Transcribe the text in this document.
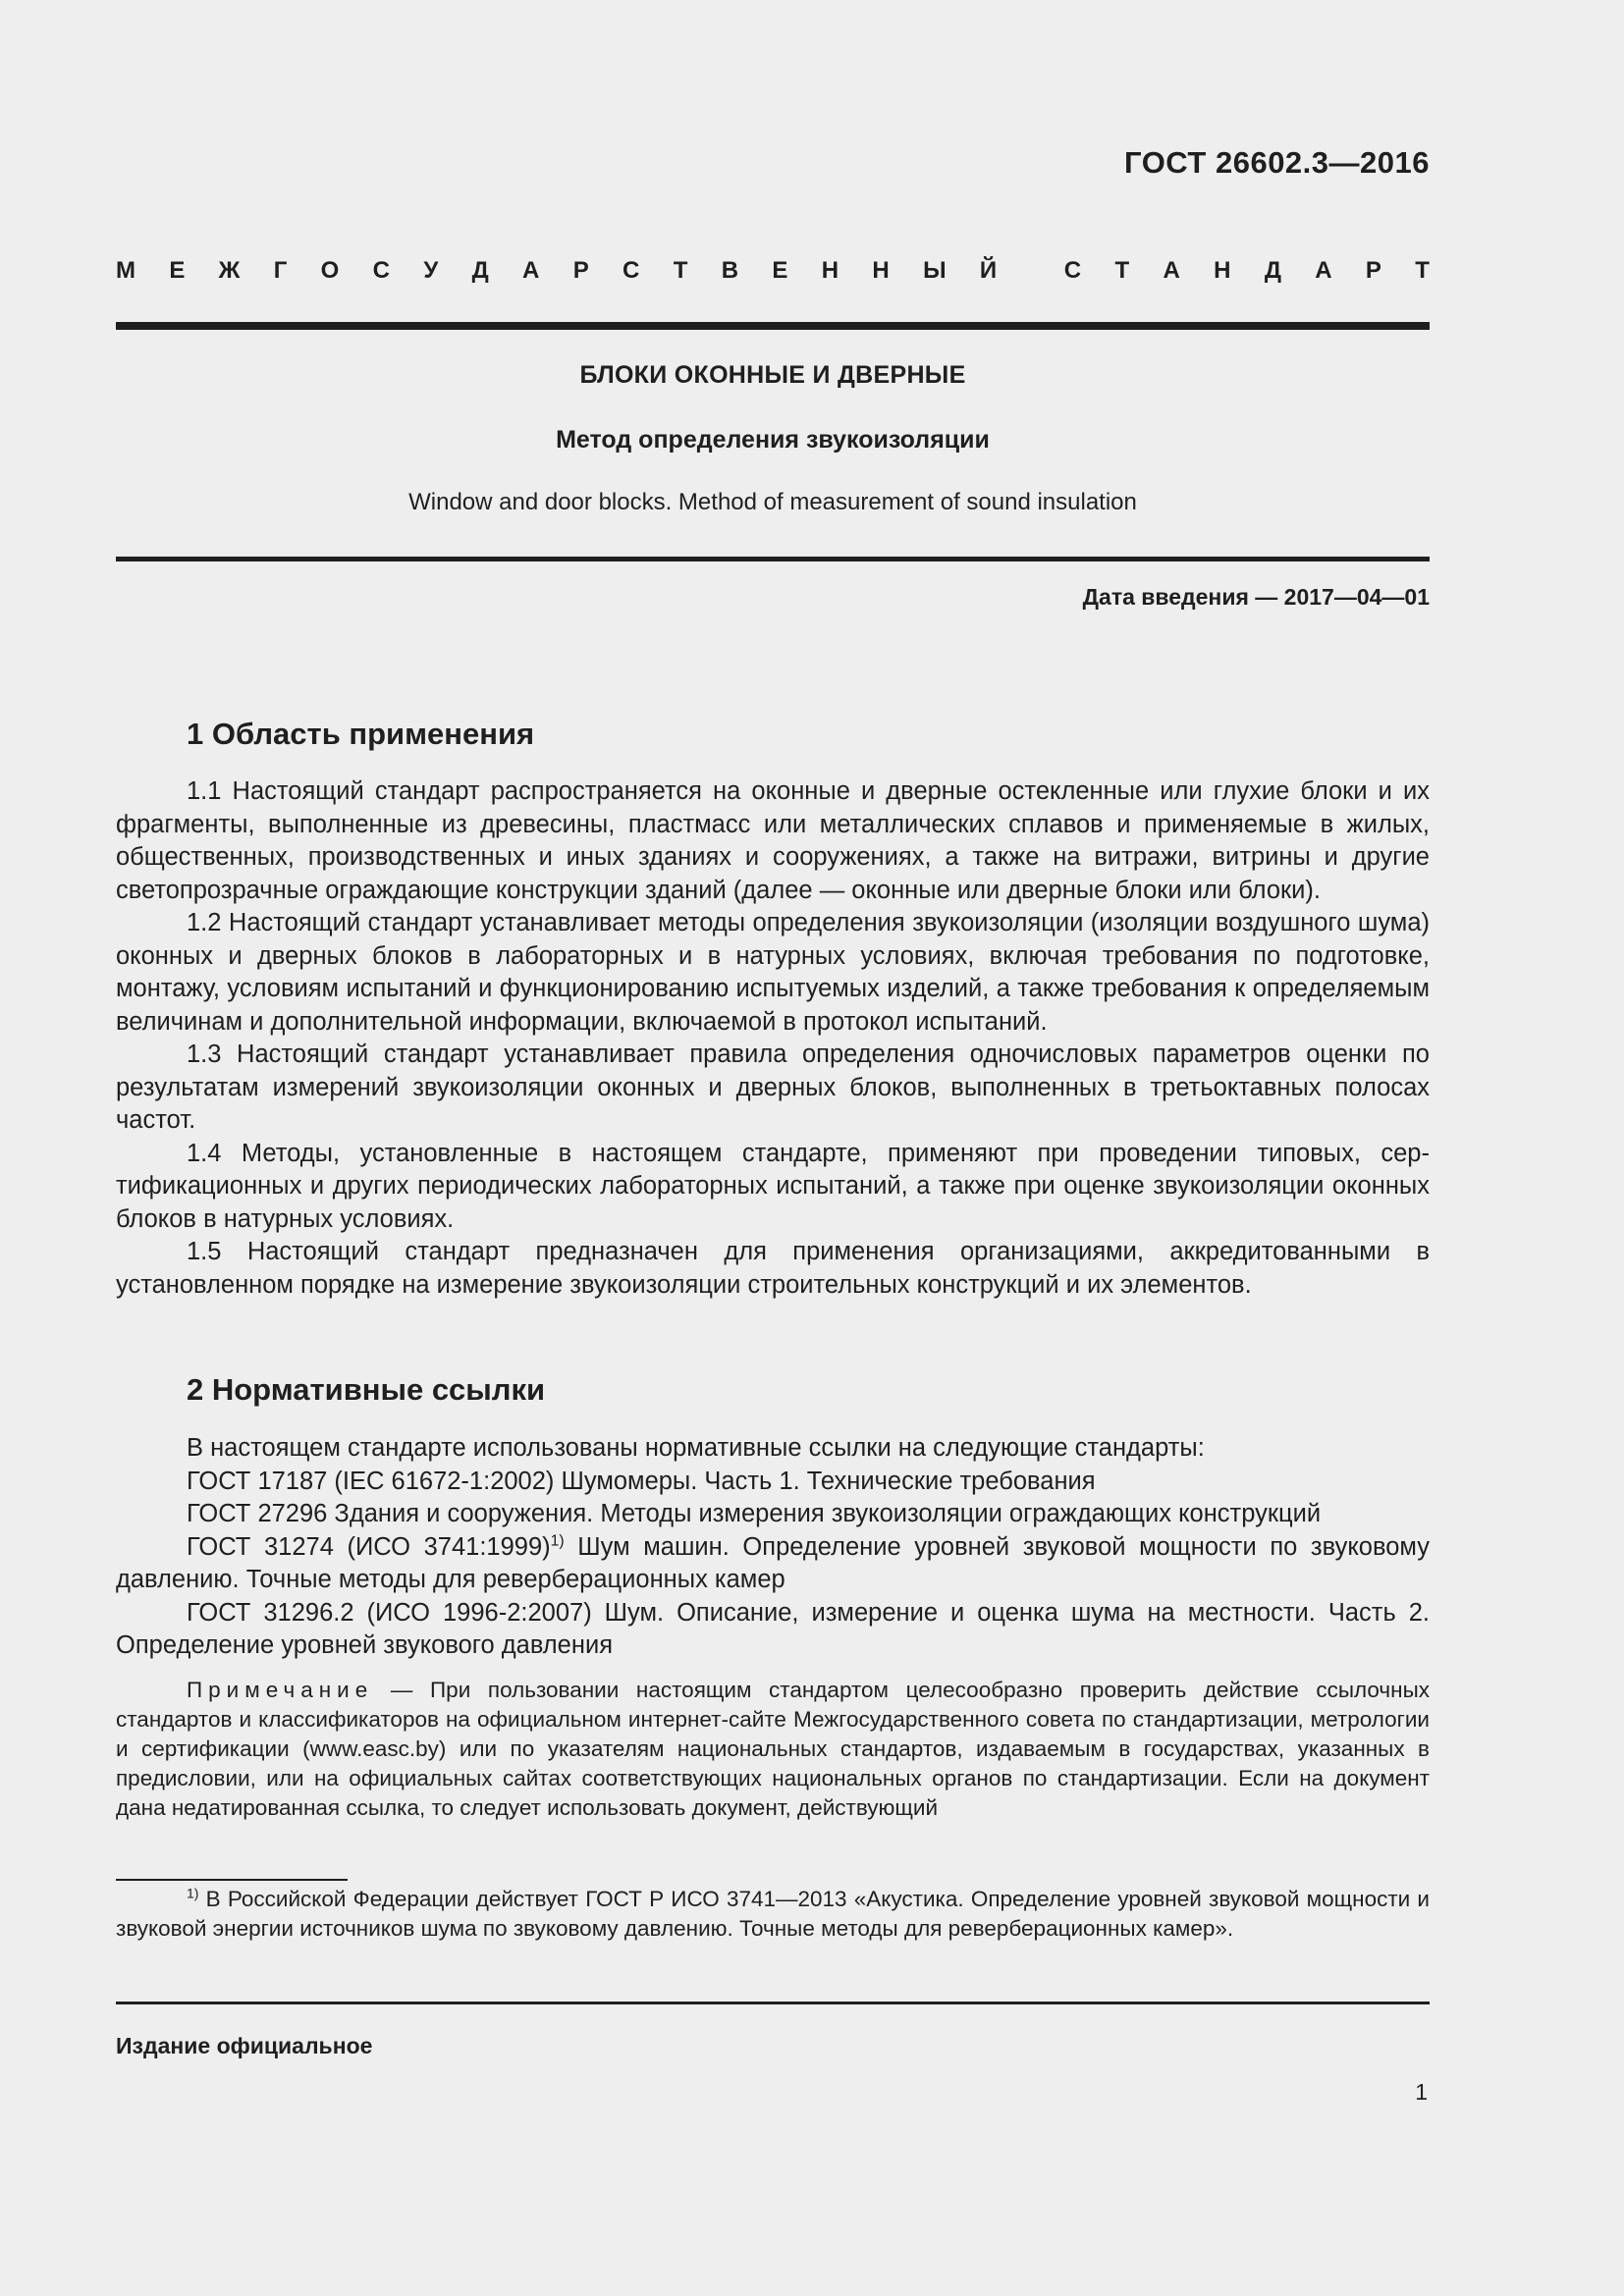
ГОСТ 26602.3—2016
М Е Ж Г О С У Д А Р С Т В Е Н Н Ы Й	С Т А Н Д А Р Т
БЛОКИ ОКОННЫЕ И ДВЕРНЫЕ
Метод определения звукоизоляции
Window and door blocks. Method of measurement of sound insulation
Дата введения — 2017—04—01
1 Область применения

1.1 Настоящий стандарт распространяется на оконные и дверные остекленные или глухие блоки и их фрагменты, выполненные из древесины, пластмасс или металлических сплавов и применяемые в жилых, общественных, производственных и иных зданиях и сооружениях, а также на витражи, витрины и другие светопрозрачные ограждающие конструкции зданий (далее — оконные или дверные блоки или блоки).

1.2 Настоящий стандарт устанавливает методы определения звукоизоляции (изоляции воздушного шума) оконных и дверных блоков в лабораторных и в натурных условиях, включая требования по подготовке, монтажу, условиям испытаний и функционированию испытуемых изделий, а также требования к определяемым величинам и дополнительной информации, включаемой в протокол испытаний.

1.3 Настоящий стандарт устанавливает правила определения одночисловых параметров оценки по результатам измерений звукоизоляции оконных и дверных блоков, выполненных в третьоктавных полосах частот.

1.4 Методы, установленные в настоящем стандарте, применяют при проведении типовых, сертификационных и других периодических лабораторных испытаний, а также при оценке звукоизоляции оконных блоков в натурных условиях.

1.5 Настоящий стандарт предназначен для применения организациями, аккредитованными в установленном порядке на измерение звукоизоляции строительных конструкций и их элементов.

2 Нормативные ссылки

В настоящем стандарте использованы нормативные ссылки на следующие стандарты:

ГОСТ 17187 (IEC 61672-1:2002) Шумомеры. Часть 1. Технические требования

ГОСТ 27296 Здания и сооружения. Методы измерения звукоизоляции ограждающих конструкций

ГОСТ 31274 (ИСО 3741:1999)$^{1)}$ Шум машин. Определение уровней звуковой мощности по звуковому давлению. Точные методы для реверберационных камер

ГОСТ 31296.2 (ИСО 1996-2:2007) Шум. Описание, измерение и оценка шума на местности. Часть 2. Определение уровней звукового давления

Примечание — При пользовании настоящим стандартом целесообразно проверить действие ссылочных стандартов и классификаторов на официальном интернет-сайте Межгосударственного совета по стандартизации, метрологии и сертификации (www.easc.by) или по указателям национальных стандартов, издаваемым в государствах, указанных в предисловии, или на официальных сайтах соответствующих национальных органов по стандартизации. Если на документ дана недатированная ссылка, то следует использовать документ, действующий

$^{1)}$ В Российской Федерации действует ГОСТ Р ИСО 3741—2013 «Акустика. Определение уровней звуковой мощности и звуковой энергии источников шума по звуковому давлению. Точные методы для реверберационных камер».

Издание официальное
1
